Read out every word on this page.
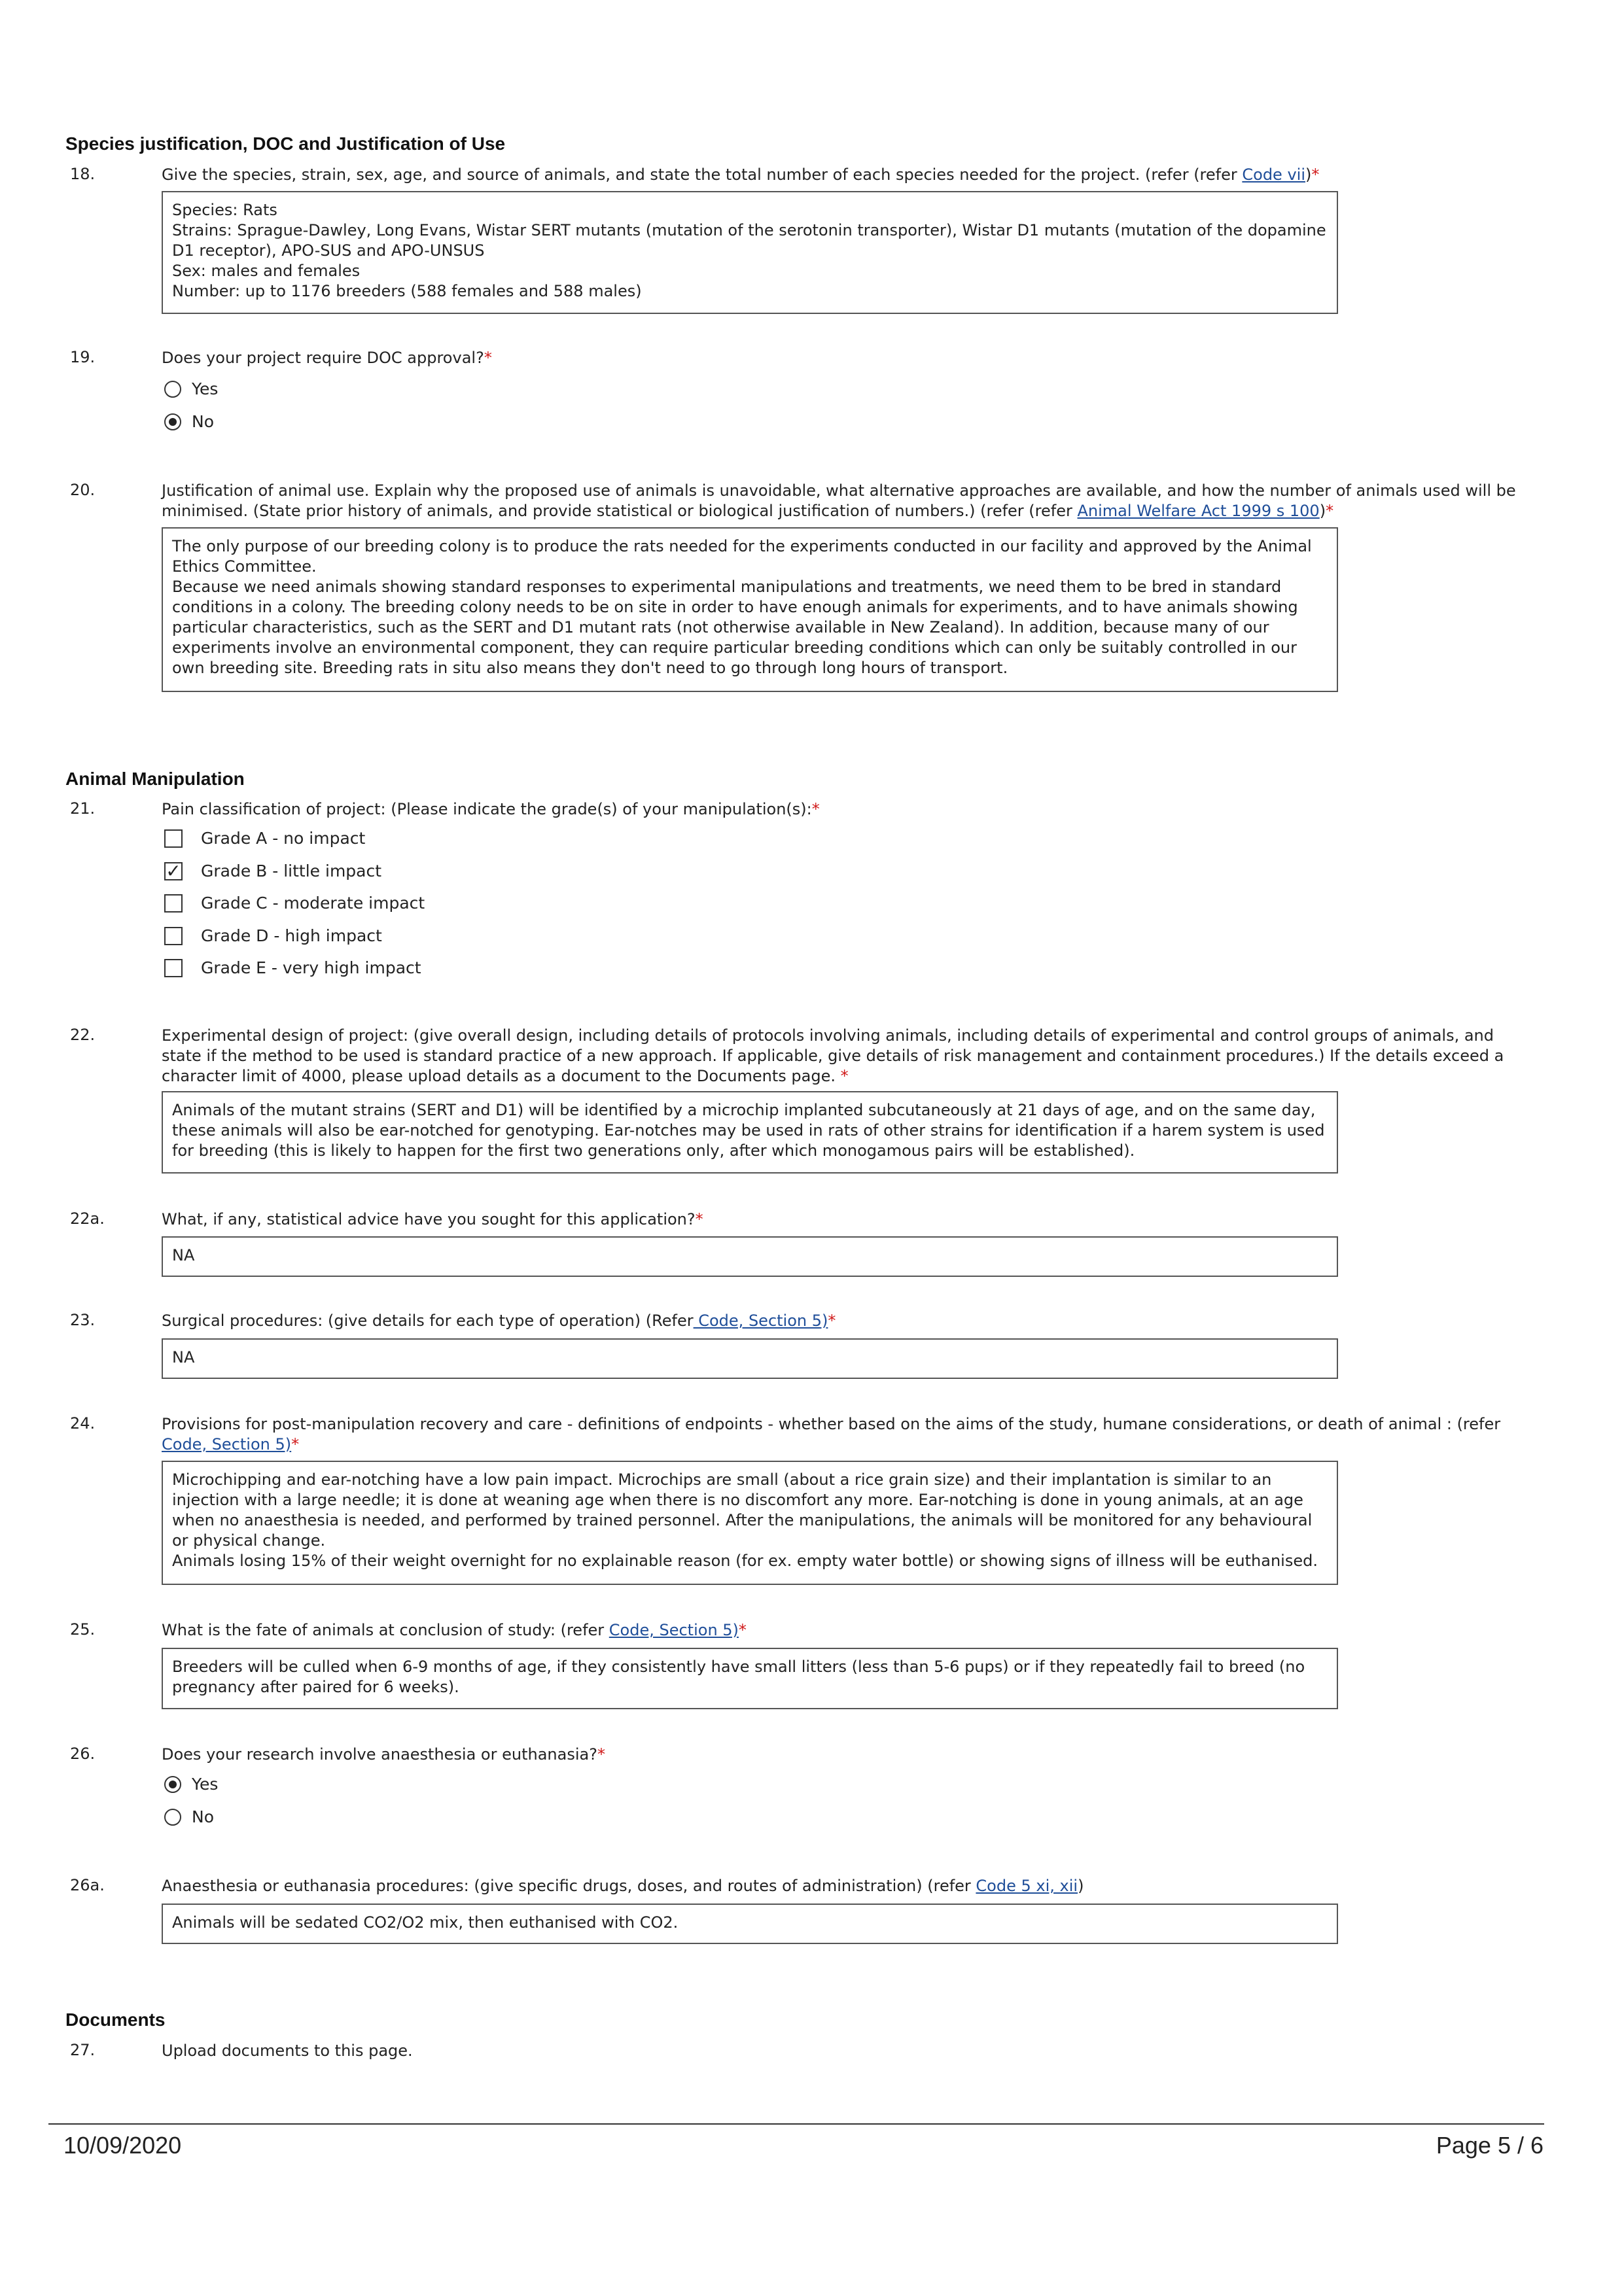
Species justification, DOC and Justification of Use
18.	Give the species, strain, sex, age, and source of animals, and state the total number of each species needed for the project. (refer (refer Code vii)*
Species: Rats
Strains: Sprague-Dawley, Long Evans, Wistar SERT mutants (mutation of the serotonin transporter), Wistar D1 mutants (mutation of the dopamine D1 receptor), APO-SUS and APO-UNSUS
Sex: males and females
Number: up to 1176 breeders (588 females and 588 males)
19.	Does your project require DOC approval?*
Yes
No
20.	Justification of animal use. Explain why the proposed use of animals is unavoidable, what alternative approaches are available, and how the number of animals used will be minimised. (State prior history of animals, and provide statistical or biological justification of numbers.) (refer (refer Animal Welfare Act 1999 s 100)*
The only purpose of our breeding colony is to produce the rats needed for the experiments conducted in our facility and approved by the Animal Ethics Committee.
Because we need animals showing standard responses to experimental manipulations and treatments, we need them to be bred in standard conditions in a colony. The breeding colony needs to be on site in order to have enough animals for experiments, and to have animals showing particular characteristics, such as the SERT and D1 mutant rats (not otherwise available in New Zealand). In addition, because many of our experiments involve an environmental component, they can require particular breeding conditions which can only be suitably controlled in our own breeding site. Breeding rats in situ also means they don't need to go through long hours of transport.
Animal Manipulation
21.	Pain classification of project: (Please indicate the grade(s) of your manipulation(s):*
Grade A - no impact
✓ Grade B - little impact
Grade C - moderate impact
Grade D - high impact
Grade E - very high impact
22.	Experimental design of project: (give overall design, including details of protocols involving animals, including details of experimental and control groups of animals, and state if the method to be used is standard practice of a new approach. If applicable, give details of risk management and containment procedures.) If the details exceed a character limit of 4000, please upload details as a document to the Documents page. *
Animals of the mutant strains (SERT and D1) will be identified by a microchip implanted subcutaneously at 21 days of age, and on the same day, these animals will also be ear-notched for genotyping. Ear-notches may be used in rats of other strains for identification if a harem system is used for breeding (this is likely to happen for the first two generations only, after which monogamous pairs will be established).
22a.	What, if any, statistical advice have you sought for this application?*
NA
23.	Surgical procedures: (give details for each type of operation) (Refer Code, Section 5)*
NA
24.	Provisions for post-manipulation recovery and care - definitions of endpoints - whether based on the aims of the study, humane considerations, or death of animal : (refer Code, Section 5)*
Microchipping and ear-notching have a low pain impact. Microchips are small (about a rice grain size) and their implantation is similar to an injection with a large needle; it is done at weaning age when there is no discomfort any more. Ear-notching is done in young animals, at an age when no anaesthesia is needed, and performed by trained personnel. After the manipulations, the animals will be monitored for any behavioural or physical change.
Animals losing 15% of their weight overnight for no explainable reason (for ex. empty water bottle) or showing signs of illness will be euthanised.
25.	What is the fate of animals at conclusion of study: (refer Code, Section 5)*
Breeders will be culled when 6-9 months of age, if they consistently have small litters (less than 5-6 pups) or if they repeatedly fail to breed (no pregnancy after paired for 6 weeks).
26.	Does your research involve anaesthesia or euthanasia?*
Yes
No
26a.	Anaesthesia or euthanasia procedures: (give specific drugs, doses, and routes of administration) (refer Code 5 xi, xii)
Animals will be sedated CO2/O2 mix, then euthanised with CO2.
Documents
27.	Upload documents to this page.
10/09/2020	Page 5 / 6
